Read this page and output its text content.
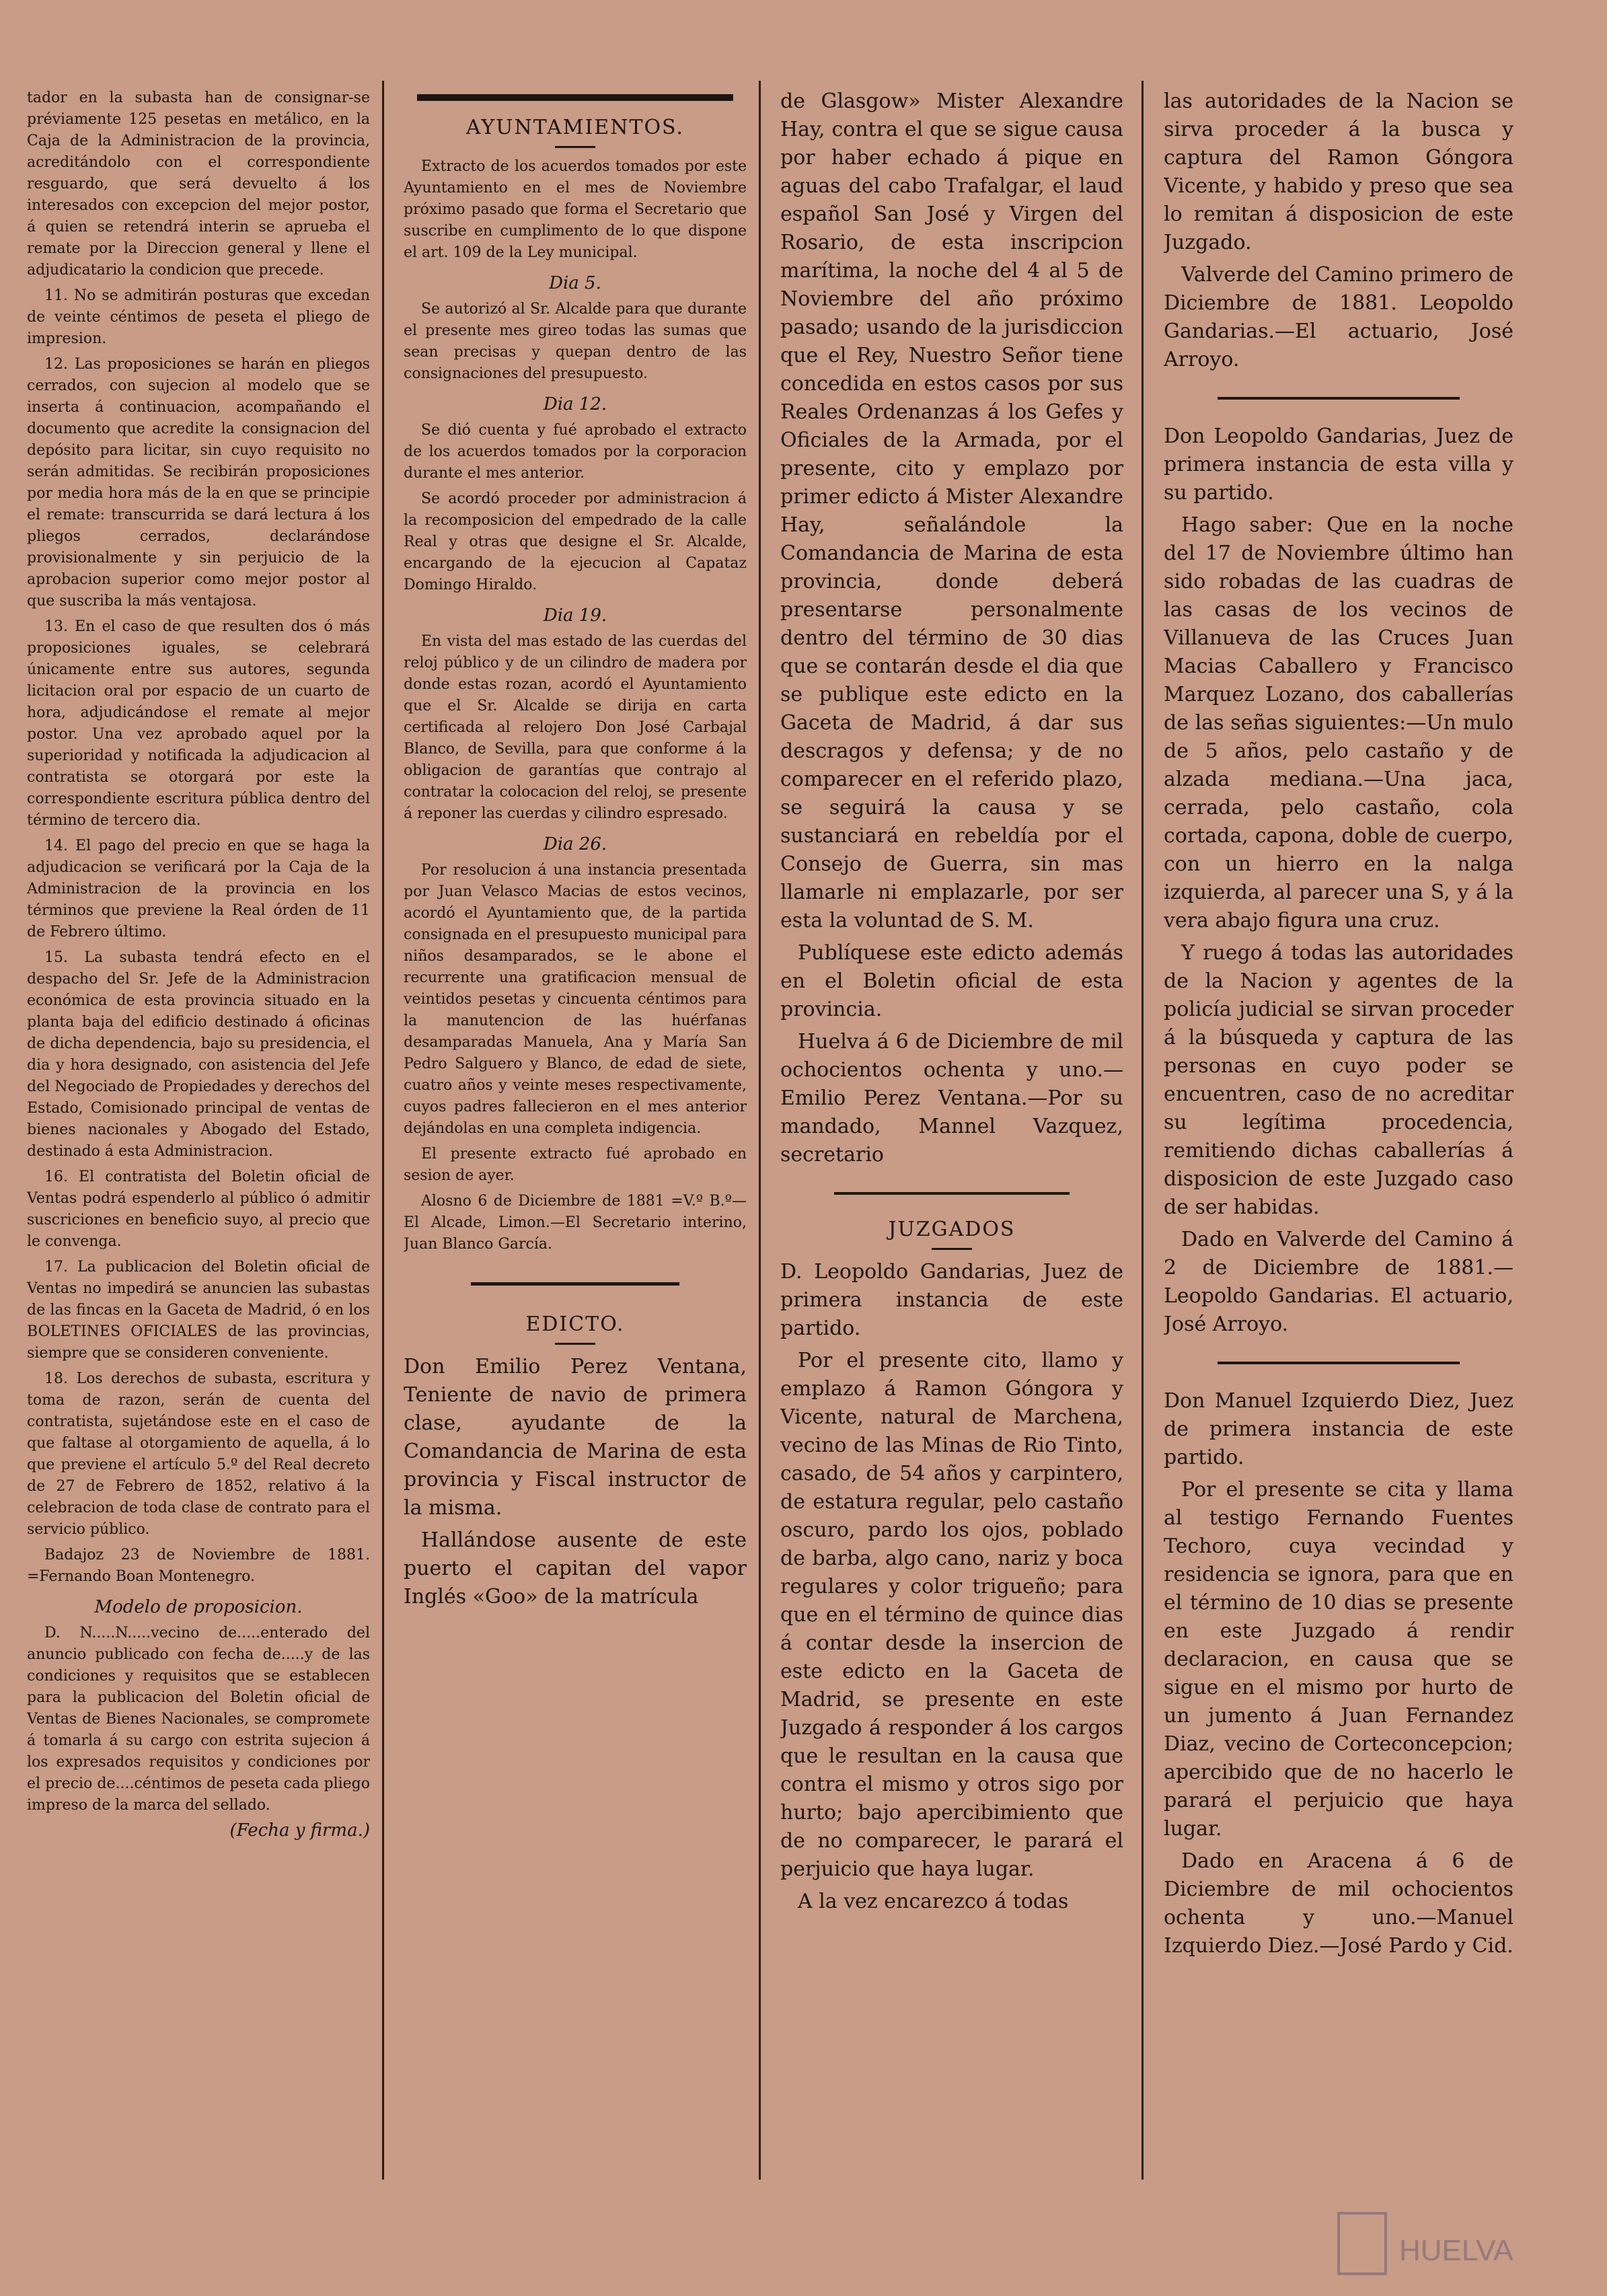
tador en la subasta han de consignar-se préviamente 125 pesetas en metálico, en la Caja de la Administracion de la provincia, acreditándolo con el correspondiente resguardo, que será devuelto á los interesados con excepcion del mejor postor, á quien se retendrá interin se aprueba el remate por la Direccion general y llene el adjudicatario la condicion que precede.

11. No se admitirán posturas que excedan de veinte céntimos de peseta el pliego de impresion.

12. Las proposiciones se harán en pliegos cerrados, con sujecion al modelo que se inserta á continuacion, acompañando el documento que acredite la consignacion del depósito para licitar, sin cuyo requisito no serán admitidas. Se recibirán proposiciones por media hora más de la en que se principie el remate: transcurrida se dará lectura á los pliegos cerrados, declarándose provisionalmente y sin perjuicio de la aprobacion superior como mejor postor al que suscriba la más ventajosa.

13. En el caso de que resulten dos ó más proposiciones iguales, se celebrará únicamente entre sus autores, segunda licitacion oral por espacio de un cuarto de hora, adjudicándose el remate al mejor postor. Una vez aprobado aquel por la superioridad y notificada la adjudicacion al contratista se otorgará por este la correspondiente escritura pública dentro del término de tercero dia.

14. El pago del precio en que se haga la adjudicacion se verificará por la Caja de la Administracion de la provincia en los términos que previene la Real órden de 11 de Febrero último.

15. La subasta tendrá efecto en el despacho del Sr. Jefe de la Administracion económica de esta provincia situado en la planta baja del edificio destinado á oficinas de dicha dependencia, bajo su presidencia, el dia y hora designado, con asistencia del Jefe del Negociado de Propiedades y derechos del Estado, Comisionado principal de ventas de bienes nacionales y Abogado del Estado, destinado á esta Administracion.

16. El contratista del Boletin oficial de Ventas podrá espenderlo al público ó admitir suscriciones en beneficio suyo, al precio que le convenga.

17. La publicacion del Boletin oficial de Ventas no impedirá se anuncien las subastas de las fincas en la Gaceta de Madrid, ó en los BOLETINES OFICIALES de las provincias, siempre que se consideren conveniente.

18. Los derechos de subasta, escritura y toma de razon, serán de cuenta del contratista, sujetándose este en el caso de que faltase al otorgamiento de aquella, á lo que previene el artículo 5.º del Real decreto de 27 de Febrero de 1852, relativo á la celebracion de toda clase de contrato para el servicio público.

Badajoz 23 de Noviembre de 1881. =Fernando Boan Montenegro.

Modelo de proposicion.

D. N.....N.....vecino de.....enterado del anuncio publicado con fecha de.....y de las condiciones y requisitos que se establecen para la publicacion del Boletin oficial de Ventas de Bienes Nacionales, se compromete á tomarla á su cargo con estrita sujecion á los expresados requisitos y condiciones por el precio de....céntimos de peseta cada pliego impreso de la marca del sellado.

(Fecha y firma.)
AYUNTAMIENTOS.

Extracto de los acuerdos tomados por este Ayuntamiento en el mes de Noviembre próximo pasado que forma el Secretario que suscribe en cumplimento de lo que dispone el art. 109 de la Ley municipal.

Dia 5.

Se autorizó al Sr. Alcalde para que durante el presente mes gireo todas las sumas que sean precisas y quepan dentro de las consignaciones del presupuesto.

Dia 12.

Se dió cuenta y fué aprobado el extracto de los acuerdos tomados por la corporacion durante el mes anterior.

Se acordó proceder por administracion á la recomposicion del empedrado de la calle Real y otras que designe el Sr. Alcalde, encargando de la ejecucion al Capataz Domingo Hiraldo.

Dia 19.

En vista del mas estado de las cuerdas del reloj público y de un cilindro de madera por donde estas rozan, acordó el Ayuntamiento que el Sr. Alcalde se dirija en carta certificada al relojero Don José Carbajal Blanco, de Sevilla, para que conforme á la obligacion de garantías que contrajo al contratar la colocacion del reloj, se presente á reponer las cuerdas y cilindro espresado.

Dia 26.

Por resolucion á una instancia presentada por Juan Velasco Macias de estos vecinos, acordó el Ayuntamiento que, de la partida consignada en el presupuesto municipal para niños desamparados, se le abone el recurrente una gratificacion mensual de veintidos pesetas y cincuenta céntimos para la manutencion de las huérfanas desamparadas Manuela, Ana y María San Pedro Salguero y Blanco, de edad de siete, cuatro años y veinte meses respectivamente, cuyos padres fallecieron en el mes anterior dejándolas en una completa indigencia.

El presente extracto fué aprobado en sesion de ayer.

Alosno 6 de Diciembre de 1881 =V.º B.º—El Alcade, Limon.—El Secretario interino, Juan Blanco García.

EDICTO.

Don Emilio Perez Ventana, Teniente de navio de primera clase, ayudante de la Comandancia de Marina de esta provincia y Fiscal instructor de la misma.

Hallándose ausente de este puerto el capitan del vapor Inglés «Goo» de la matrícula

de Glasgow» Mister Alexandre Hay, contra el que se sigue causa por haber echado á pique en aguas del cabo Trafalgar, el laud español San José y Virgen del Rosario, de esta inscripcion marítima, la noche del 4 al 5 de Noviembre del año próximo pasado; usando de la jurisdiccion que el Rey, Nuestro Señor tiene concedida en estos casos por sus Reales Ordenanzas á los Gefes y Oficiales de la Armada, por el presente, cito y emplazo por primer edicto á Mister Alexandre Hay, señalándole la Comandancia de Marina de esta provincia, donde deberá presentarse personalmente dentro del término de 30 dias que se contarán desde el dia que se publique este edicto en la Gaceta de Madrid, á dar sus descragos y defensa; y de no comparecer en el referido plazo, se seguirá la causa y se sustanciará en rebeldía por el Consejo de Guerra, sin mas llamarle ni emplazarle, por ser esta la voluntad de S. M.

Publíquese este edicto además en el Boletin oficial de esta provincia.

Huelva á 6 de Diciembre de mil ochocientos ochenta y uno.—Emilio Perez Ventana.—Por su mandado, Mannel Vazquez, secretario

JUZGADOS

D. Leopoldo Gandarias, Juez de primera instancia de este partido.

Por el presente cito, llamo y emplazo á Ramon Góngora y Vicente, natural de Marchena, vecino de las Minas de Rio Tinto, casado, de 54 años y carpintero, de estatura regular, pelo castaño oscuro, pardo los ojos, poblado de barba, algo cano, nariz y boca regulares y color trigueño; para que en el término de quince dias á contar desde la insercion de este edicto en la Gaceta de Madrid, se presente en este Juzgado á responder á los cargos que le resultan en la causa que contra el mismo y otros sigo por hurto; bajo apercibimiento que de no comparecer, le parará el perjuicio que haya lugar.

A la vez encarezco á todas

las autoridades de la Nacion se sirva proceder á la busca y captura del Ramon Góngora Vicente, y habido y preso que sea lo remitan á disposicion de este Juzgado.

Valverde del Camino primero de Diciembre de 1881. Leopoldo Gandarias.—El actuario, José Arroyo.

Don Leopoldo Gandarias, Juez de primera instancia de esta villa y su partido.

Hago saber: Que en la noche del 17 de Noviembre último han sido robadas de las cuadras de las casas de los vecinos de Villanueva de las Cruces Juan Macias Caballero y Francisco Marquez Lozano, dos caballerías de las señas siguientes:—Un mulo de 5 años, pelo castaño y de alzada mediana.—Una jaca, cerrada, pelo castaño, cola cortada, capona, doble de cuerpo, con un hierro en la nalga izquierda, al parecer una S, y á la vera abajo figura una cruz.

Y ruego á todas las autoridades de la Nacion y agentes de la policía judicial se sirvan proceder á la búsqueda y captura de las personas en cuyo poder se encuentren, caso de no acreditar su legítima procedencia, remitiendo dichas caballerías á disposicion de este Juzgado caso de ser habidas.

Dado en Valverde del Camino á 2 de Diciembre de 1881.—Leopoldo Gandarias. El actuario, José Arroyo.

Don Manuel Izquierdo Diez, Juez de primera instancia de este partido.

Por el presente se cita y llama al testigo Fernando Fuentes Techoro, cuya vecindad y residencia se ignora, para que en el término de 10 dias se presente en este Juzgado á rendir declaracion, en causa que se sigue en el mismo por hurto de un jumento á Juan Fernandez Diaz, vecino de Corteconcepcion; apercibido que de no hacerlo le parará el perjuicio que haya lugar.

Dado en Aracena á 6 de Diciembre de mil ochocientos ochenta y uno.—Manuel Izquierdo Diez.—José Pardo y Cid.

HUELVA
